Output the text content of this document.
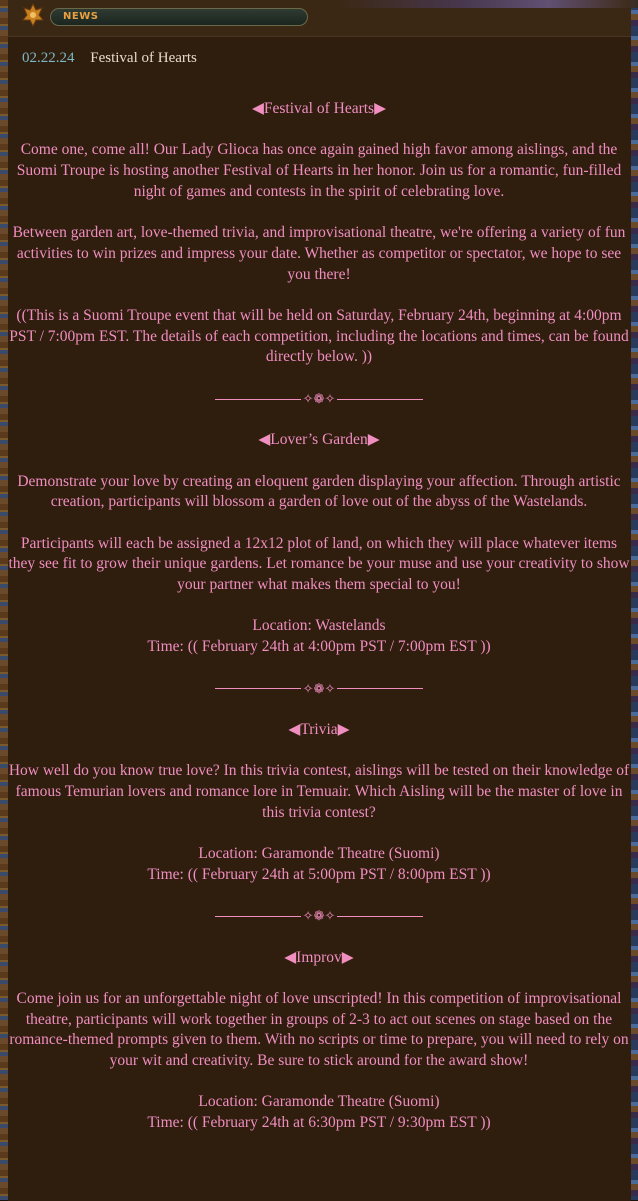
NEWS
02.22.24 Festival of Hearts

◀Festival of Hearts▶

Come one, come all! Our Lady Glioca has once again gained high favor among aislings, and the Suomi Troupe is hosting another Festival of Hearts in her honor. Join us for a romantic, fun-filled night of games and contests in the spirit of celebrating love.

Between garden art, love-themed trivia, and improvisational theatre, we're offering a variety of fun activities to win prizes and impress your date. Whether as competitor or spectator, we hope to see you there!

((This is a Suomi Troupe event that will be held on Saturday, February 24th, beginning at 4:00pm PST / 7:00pm EST. The details of each competition, including the locations and times, can be found directly below. ))

✧❁✧

◀Lover’s Garden▶

Demonstrate your love by creating an eloquent garden displaying your affection. Through artistic creation, participants will blossom a garden of love out of the abyss of the Wastelands.

Participants will each be assigned a 12x12 plot of land, on which they will place whatever items they see fit to grow their unique gardens. Let romance be your muse and use your creativity to show your partner what makes them special to you!

Location: Wastelands

Time: (( February 24th at 4:00pm PST / 7:00pm EST ))

✧❁✧

◀Trivia▶

How well do you know true love? In this trivia contest, aislings will be tested on their knowledge of famous Temurian lovers and romance lore in Temuair. Which Aisling will be the master of love in this trivia contest?

Location: Garamonde Theatre (Suomi)

Time: (( February 24th at 5:00pm PST / 8:00pm EST ))

✧❁✧

◀Improv▶

Come join us for an unforgettable night of love unscripted! In this competition of improvisational theatre, participants will work together in groups of 2-3 to act out scenes on stage based on the romance-themed prompts given to them. With no scripts or time to prepare, you will need to rely on your wit and creativity. Be sure to stick around for the award show!

Location: Garamonde Theatre (Suomi)

Time: (( February 24th at 6:30pm PST / 9:30pm EST ))
